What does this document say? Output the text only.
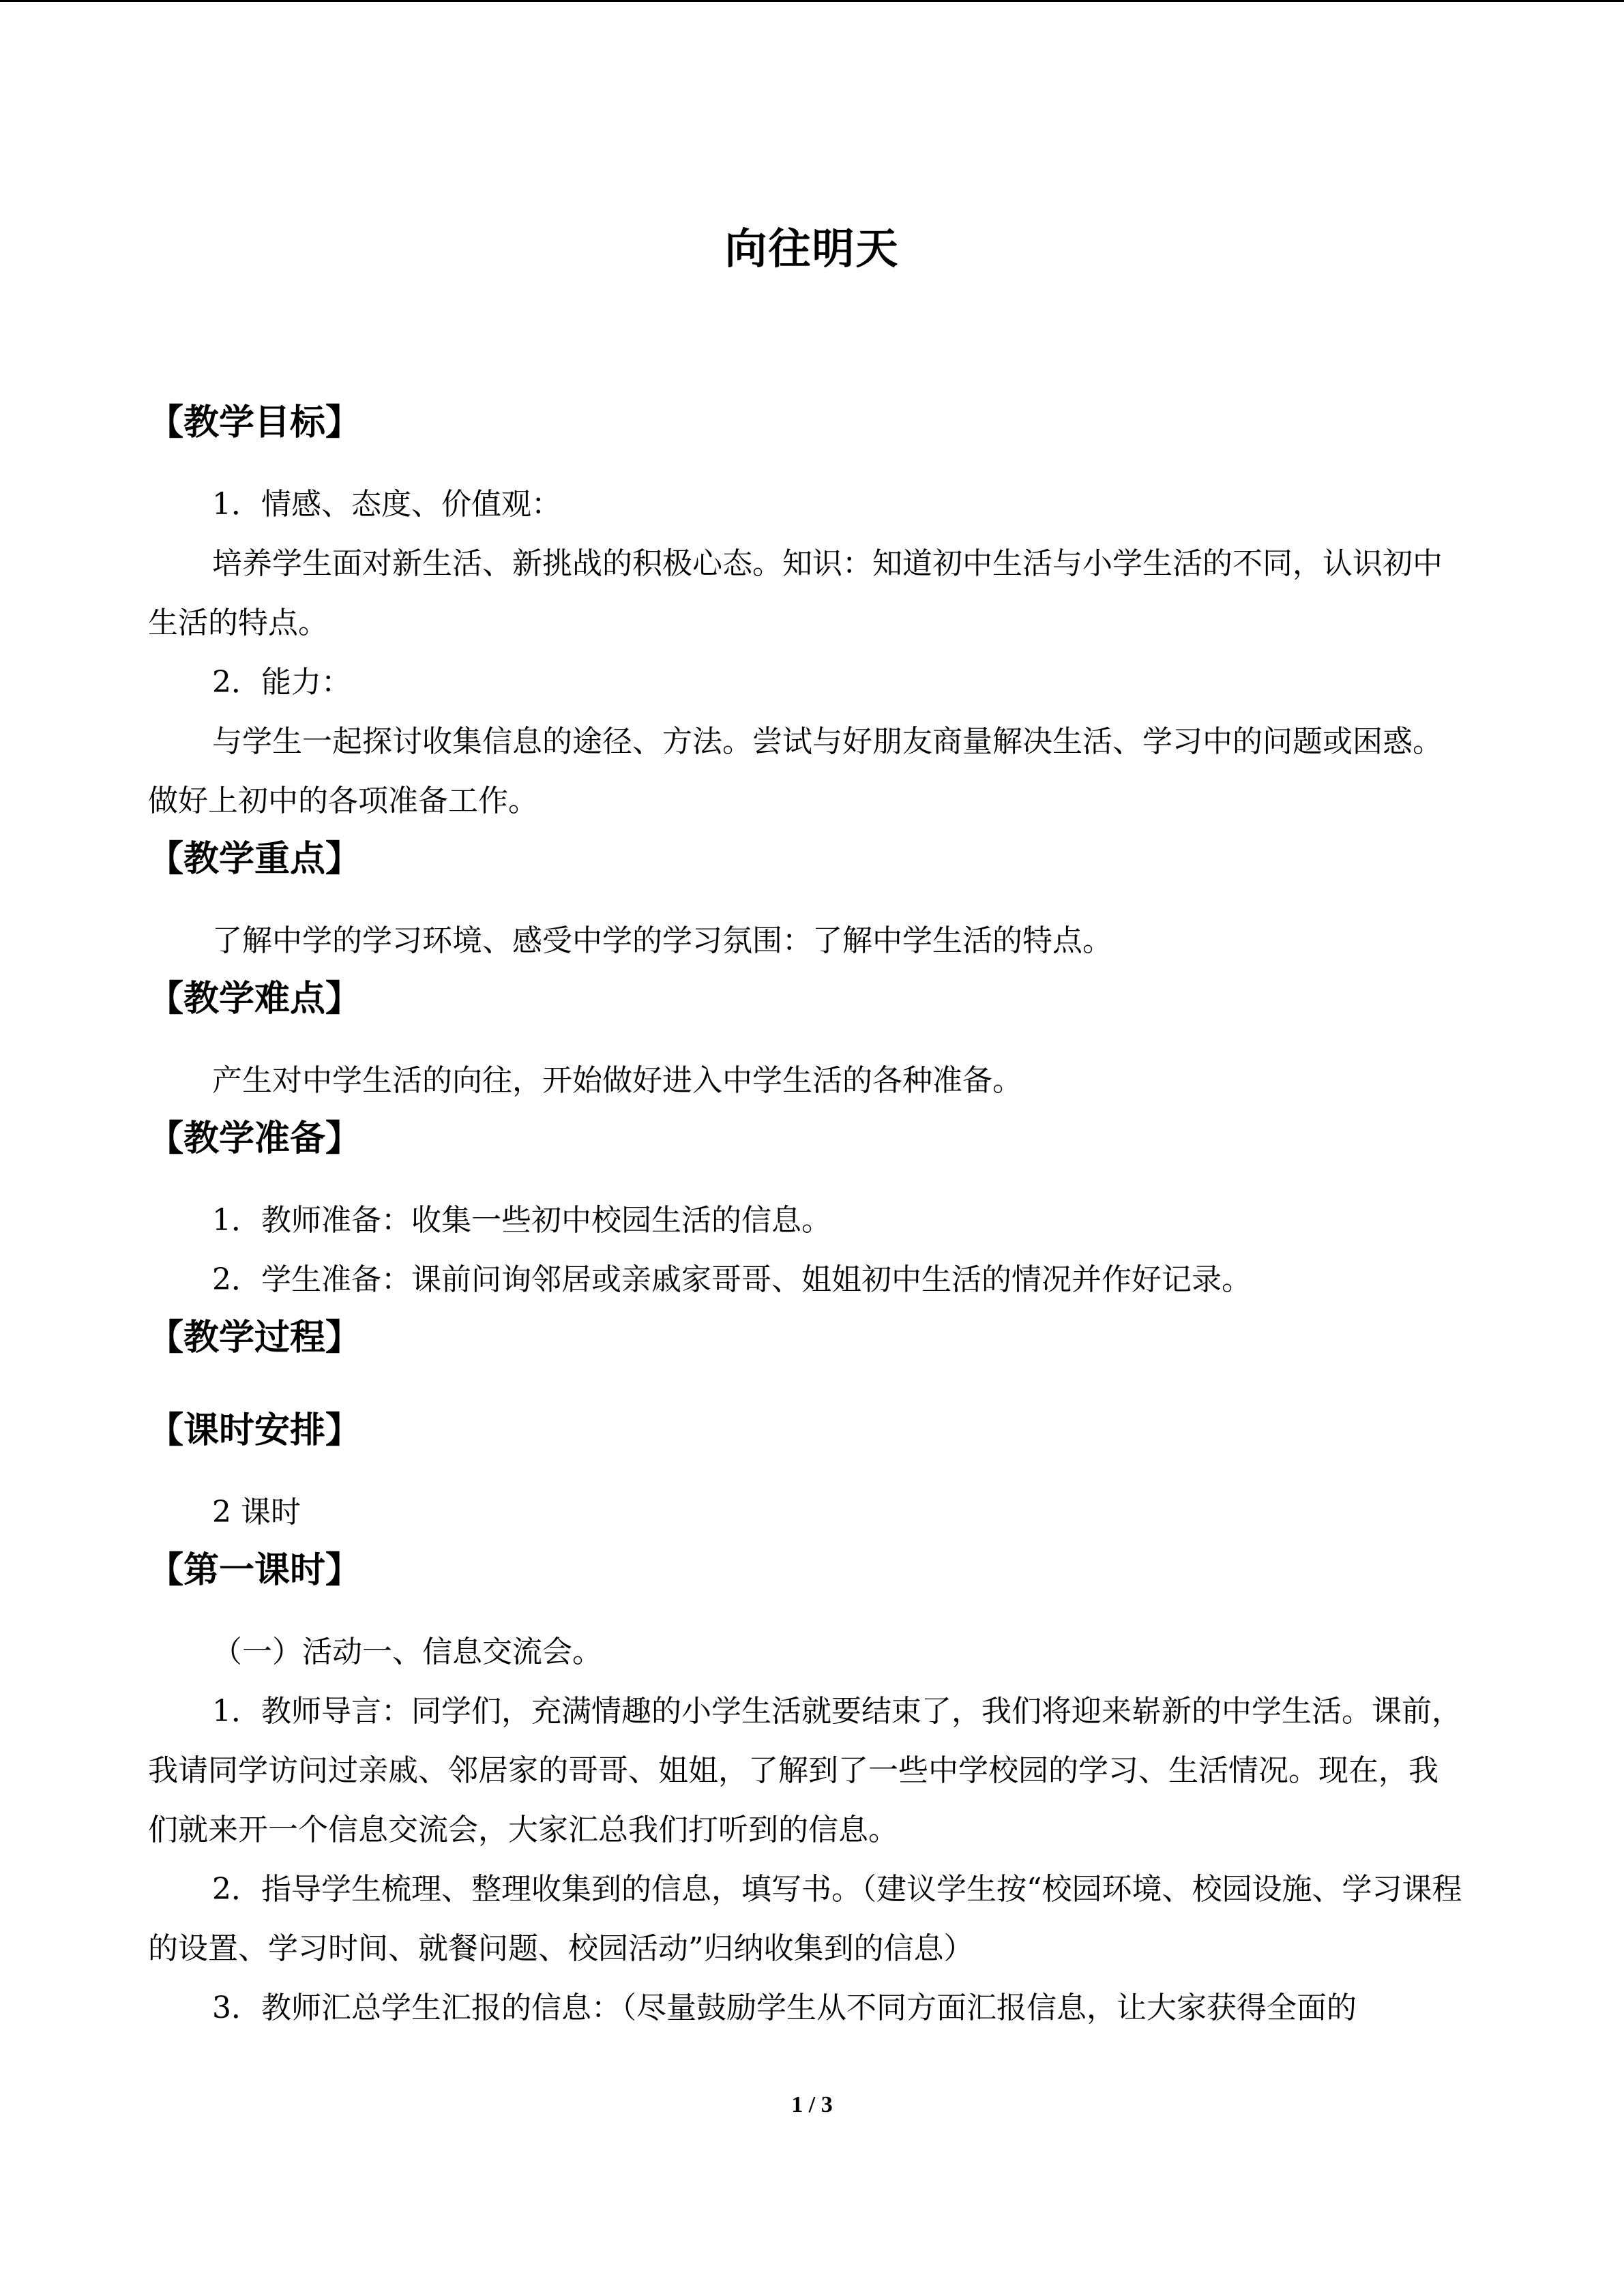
向往明天

【教学目标】

1．情感、态度、价值观：

培养学生面对新生活、新挑战的积极心态。知识：知道初中生活与小学生活的不同，认识初中生活的特点。

2．能力：

与学生一起探讨收集信息的途径、方法。尝试与好朋友商量解决生活、学习中的问题或困惑。做好上初中的各项准备工作。

【教学重点】

了解中学的学习环境、感受中学的学习氛围：了解中学生活的特点。

【教学难点】

产生对中学生活的向往，开始做好进入中学生活的各种准备。

【教学准备】

1．教师准备：收集一些初中校园生活的信息。

2．学生准备：课前问询邻居或亲戚家哥哥、姐姐初中生活的情况并作好记录。

【教学过程】

【课时安排】

2 课时

【第一课时】

（一）活动一、信息交流会。

1．教师导言：同学们，充满情趣的小学生活就要结束了，我们将迎来崭新的中学生活。课前，我请同学访问过亲戚、邻居家的哥哥、姐姐，了解到了一些中学校园的学习、生活情况。现在，我们就来开一个信息交流会，大家汇总我们打听到的信息。

2．指导学生梳理、整理收集到的信息，填写书。（建议学生按“校园环境、校园设施、学习课程的设置、学习时间、就餐问题、校园活动”归纳收集到的信息）

3．教师汇总学生汇报的信息：（尽量鼓励学生从不同方面汇报信息，让大家获得全面的

1 / 3
